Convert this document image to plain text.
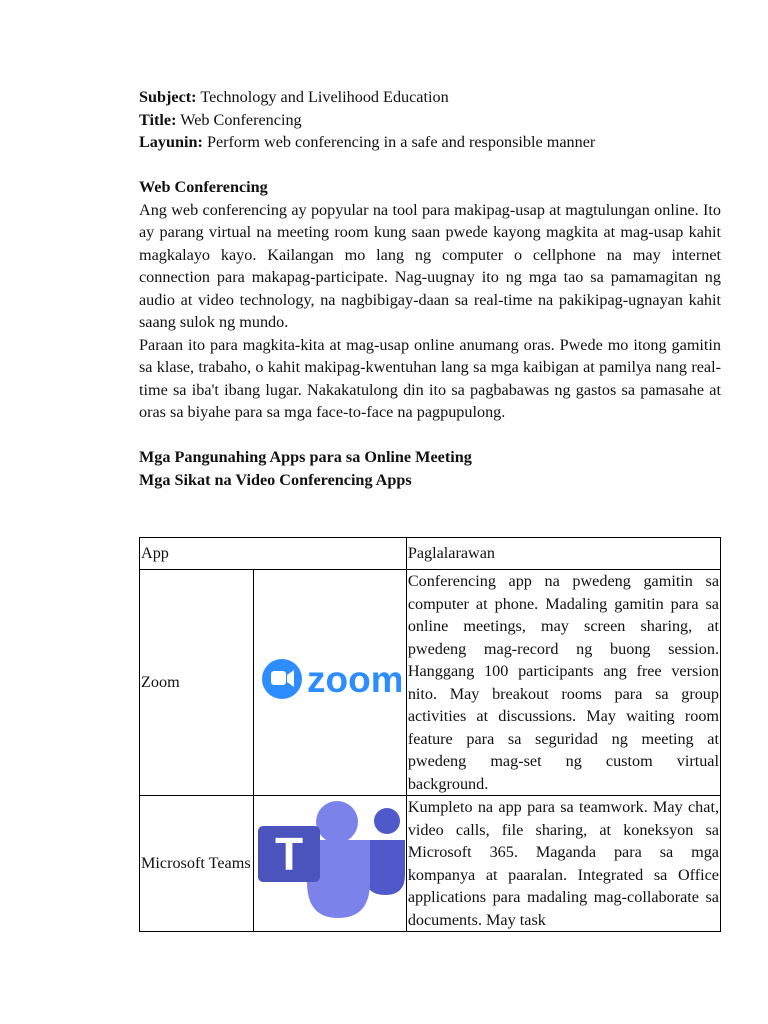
Subject: Technology and Livelihood Education
Title: Web Conferencing
Layunin: Perform web conferencing in a safe and responsible manner
Web Conferencing
Ang web conferencing ay popyular na tool para makipag-usap at magtulungan online. Ito ay parang virtual na meeting room kung saan pwede kayong magkita at mag-usap kahit magkalayo kayo. Kailangan mo lang ng computer o cellphone na may internet connection para makapag-participate. Nag-uugnay ito ng mga tao sa pamamagitan ng audio at video technology, na nagbibigay-daan sa real-time na pakikipag-ugnayan kahit saang sulok ng mundo.
Paraan ito para magkita-kita at mag-usap online anumang oras. Pwede mo itong gamitin sa klase, trabaho, o kahit makipag-kwentuhan lang sa mga kaibigan at pamilya nang real-time sa iba't ibang lugar. Nakakatulong din ito sa pagbabawas ng gastos sa pamasahe at oras sa biyahe para sa mga face-to-face na pagpupulong.
Mga Pangunahing Apps para sa Online Meeting
Mga Sikat na Video Conferencing Apps
App		Paglalarawan
Zoom	zoom	Conferencing app na pwedeng gamitin sa computer at phone. Madaling gamitin para sa online meetings, may screen sharing, at pwedeng mag-record ng buong session. Hanggang 100 participants ang free version nito. May breakout rooms para sa group activities at discussions. May waiting room feature para sa seguridad ng meeting at pwedeng mag-set ng custom virtual background.
Microsoft Teams	T	Kumpleto na app para sa teamwork. May chat, video calls, file sharing, at koneksyon sa Microsoft 365. Maganda para sa mga kompanya at paaralan. Integrated sa Office applications para madaling mag-collaborate sa documents. May task
